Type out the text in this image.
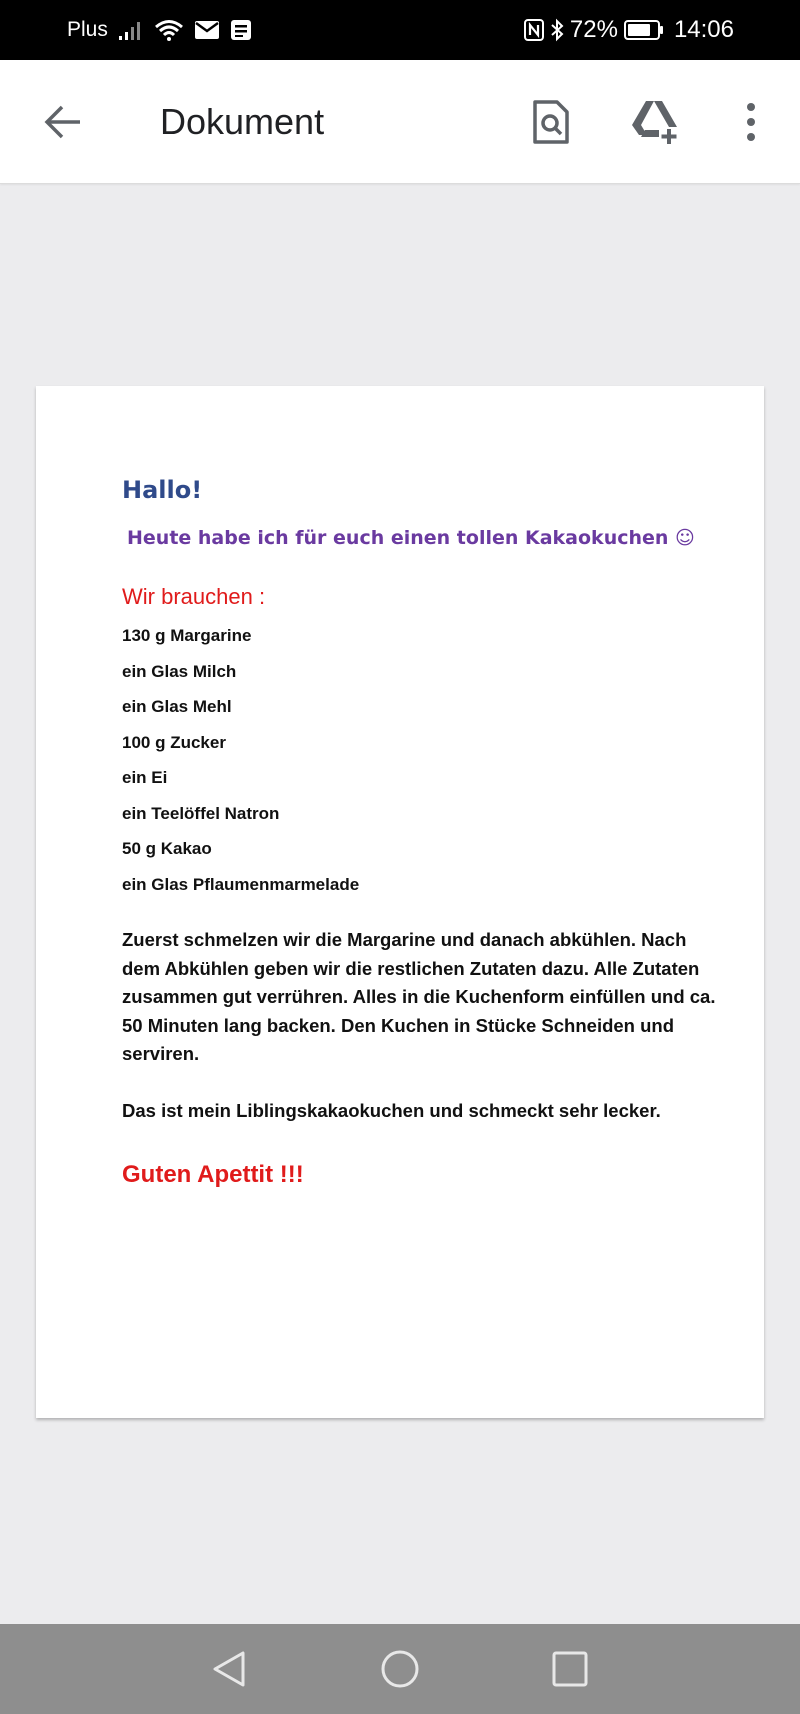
Plus	72% 14:06
Dokument
Hallo!
Heute habe ich für euch einen tollen Kakaokuchen ☺
Wir brauchen :
130 g Margarine
ein Glas Milch
ein Glas Mehl
100 g Zucker
ein Ei
ein Teelöffel Natron
50 g Kakao
ein Glas Pflaumenmarmelade

Zuerst schmelzen wir die Margarine und danach abkühlen. Nach dem Abkühlen geben wir die restlichen Zutaten dazu. Alle Zutaten zusammen gut verrühren. Alles in die Kuchenform einfüllen und ca. 50 Minuten lang backen. Den Kuchen in Stücke Schneiden und serviren.

Das ist mein Liblingskakaokuchen und schmeckt sehr lecker.

Guten Apettit !!!
